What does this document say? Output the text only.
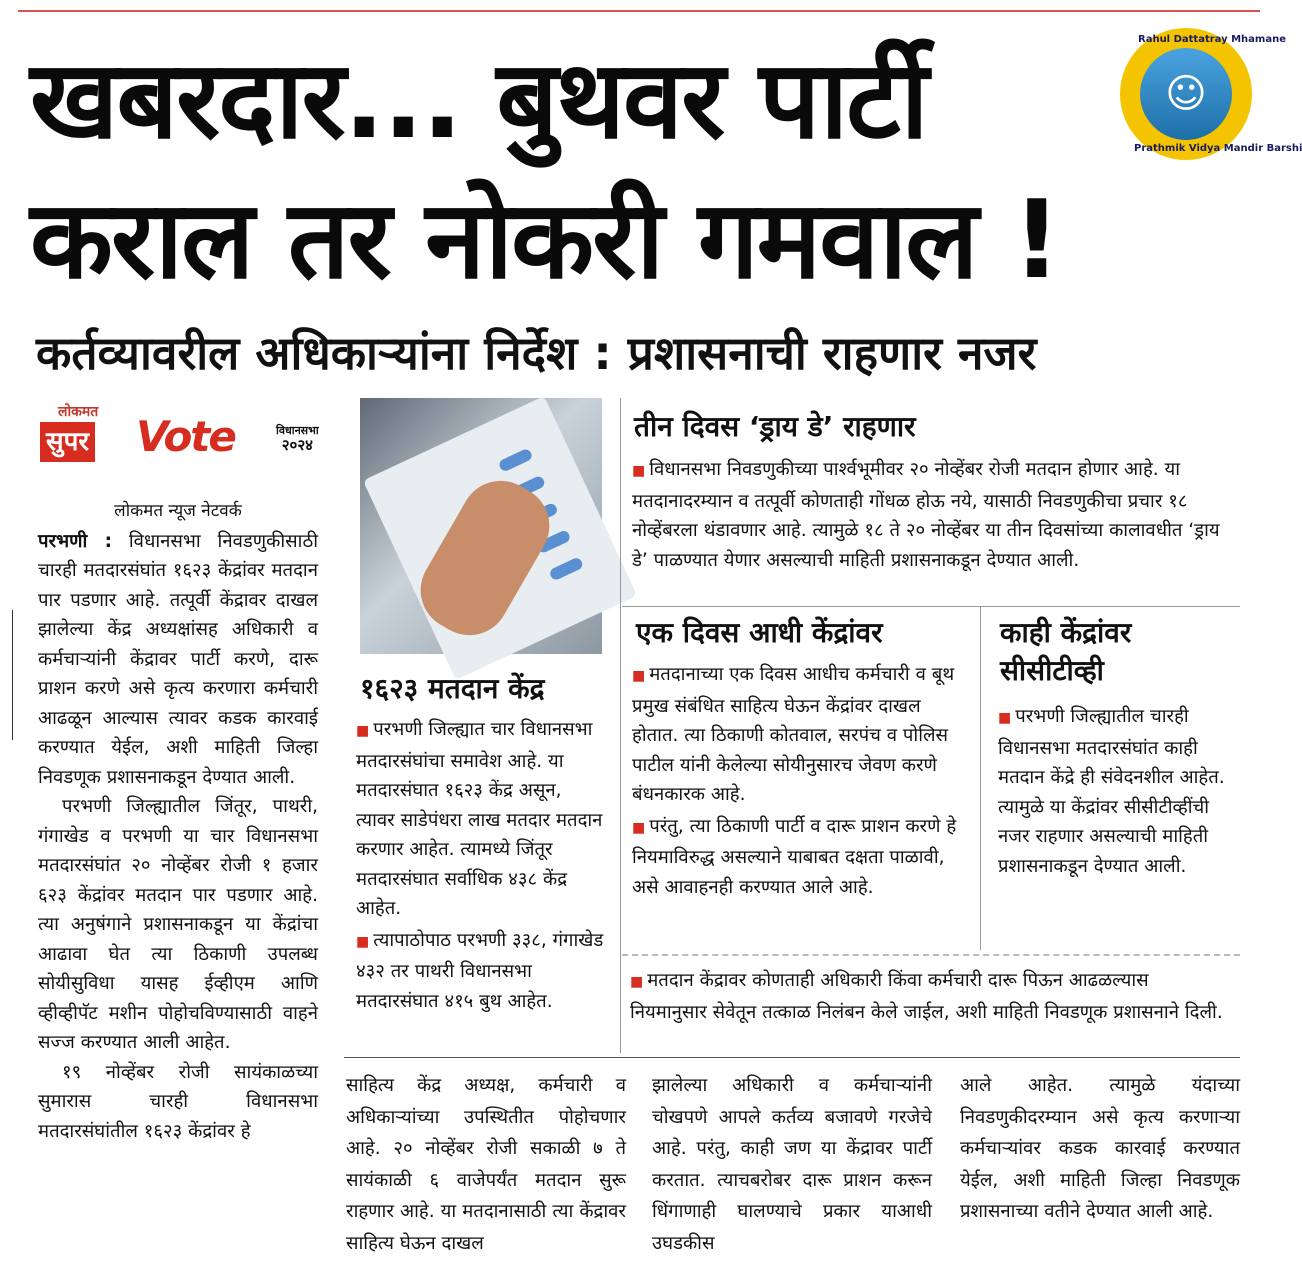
खबरदार... बुथवर पार्टी
कराल तर नोकरी गमवाल !
कर्तव्यावरील अधिकाऱ्यांना निर्देश : प्रशासनाची राहणार नजर
Rahul Dattatray Mhamane
☺
Prathmik Vidya Mandir Barshi
लोकमत
सुपर Vote	विधानसभा
२०२४

लोकमत न्यूज नेटवर्क

परभणी : विधानसभा निवडणुकीसाठी चारही मतदारसंघांत १६२३ केंद्रांवर मतदान पार पडणार आहे. तत्पूर्वी केंद्रावर दाखल झालेल्या केंद्र अध्यक्षांसह अधिकारी व कर्मचाऱ्यांनी केंद्रावर पार्टी करणे, दारू प्राशन करणे असे कृत्य करणारा कर्मचारी आढळून आल्यास त्यावर कडक कारवाई करण्यात येईल, अशी माहिती जिल्हा निवडणूक प्रशासनाकडून देण्यात आली.

परभणी जिल्ह्यातील जिंतूर, पाथरी, गंगाखेड व परभणी या चार विधानसभा मतदारसंघांत २० नोव्हेंबर रोजी १ हजार ६२३ केंद्रांवर मतदान पार पडणार आहे. त्या अनुषंगाने प्रशासनाकडून या केंद्रांचा आढावा घेत त्या ठिकाणी उपलब्ध सोयीसुविधा यासह ईव्हीएम आणि व्हीव्हीपॅट मशीन पोहोचविण्यासाठी वाहने सज्ज करण्यात आली आहेत.

१९ नोव्हेंबर रोजी सायंकाळच्या सुमारास चारही विधानसभा मतदारसंघांतील १६२३ केंद्रांवर हे

१६२३ मतदान केंद्र

■ परभणी जिल्ह्यात चार विधानसभा मतदारसंघांचा समावेश आहे. या मतदारसंघात १६२३ केंद्र असून, त्यावर साडेपंधरा लाख मतदार मतदान करणार आहेत. त्यामध्ये जिंतूर मतदारसंघात सर्वाधिक ४३८ केंद्र आहेत.

■ त्यापाठोपाठ परभणी ३३८, गंगाखेड ४३२ तर पाथरी विधानसभा मतदारसंघात ४१५ बुथ आहेत.

तीन दिवस ‘ड्राय डे’ राहणार

■ विधानसभा निवडणुकीच्या पार्श्वभूमीवर २० नोव्हेंबर रोजी मतदान होणार आहे. या मतदानादरम्यान व तत्पूर्वी कोणताही गोंधळ होऊ नये, यासाठी निवडणुकीचा प्रचार १८ नोव्हेंबरला थंडावणार आहे. त्यामुळे १८ ते २० नोव्हेंबर या तीन दिवसांच्या कालावधीत ‘ड्राय डे’ पाळण्यात येणार असल्याची माहिती प्रशासनाकडून देण्यात आली.

एक दिवस आधी केंद्रांवर

■ मतदानाच्या एक दिवस आधीच कर्मचारी व बूथ प्रमुख संबंधित साहित्य घेऊन केंद्रांवर दाखल होतात. त्या ठिकाणी कोतवाल, सरपंच व पोलिस पाटील यांनी केलेल्या सोयीनुसारच जेवण करणे बंधनकारक आहे.

■ परंतु, त्या ठिकाणी पार्टी व दारू प्राशन करणे हे नियमाविरुद्ध असल्याने याबाबत दक्षता पाळावी, असे आवाहनही करण्यात आले आहे.

काही केंद्रांवर
सीसीटीव्ही

■ परभणी जिल्ह्यातील चारही विधानसभा मतदारसंघांत काही मतदान केंद्रे ही संवेदनशील आहेत. त्यामुळे या केंद्रांवर सीसीटीव्हींची नजर राहणार असल्याची माहिती प्रशासनाकडून देण्यात आली.

■ मतदान केंद्रावर कोणताही अधिकारी किंवा कर्मचारी दारू पिऊन आढळल्यास नियमानुसार सेवेतून तत्काळ निलंबन केले जाईल, अशी माहिती निवडणूक प्रशासनाने दिली.

साहित्य केंद्र अध्यक्ष, कर्मचारी व अधिकाऱ्यांच्या उपस्थितीत पोहोचणार आहे. २० नोव्हेंबर रोजी सकाळी ७ ते सायंकाळी ६ वाजेपर्यंत मतदान सुरू राहणार आहे. या मतदानासाठी त्या केंद्रावर साहित्य घेऊन दाखल
झालेल्या अधिकारी व कर्मचाऱ्यांनी चोखपणे आपले कर्तव्य बजावणे गरजेचे आहे. परंतु, काही जण या केंद्रावर पार्टी करतात. त्याचबरोबर दारू प्राशन करून धिंगाणाही घालण्याचे प्रकार याआधी उघडकीस
आले आहेत. त्यामुळे यंदाच्या निवडणुकीदरम्यान असे कृत्य करणाऱ्या कर्मचाऱ्यांवर कडक कारवाई करण्यात येईल, अशी माहिती जिल्हा निवडणूक प्रशासनाच्या वतीने देण्यात आली आहे.
